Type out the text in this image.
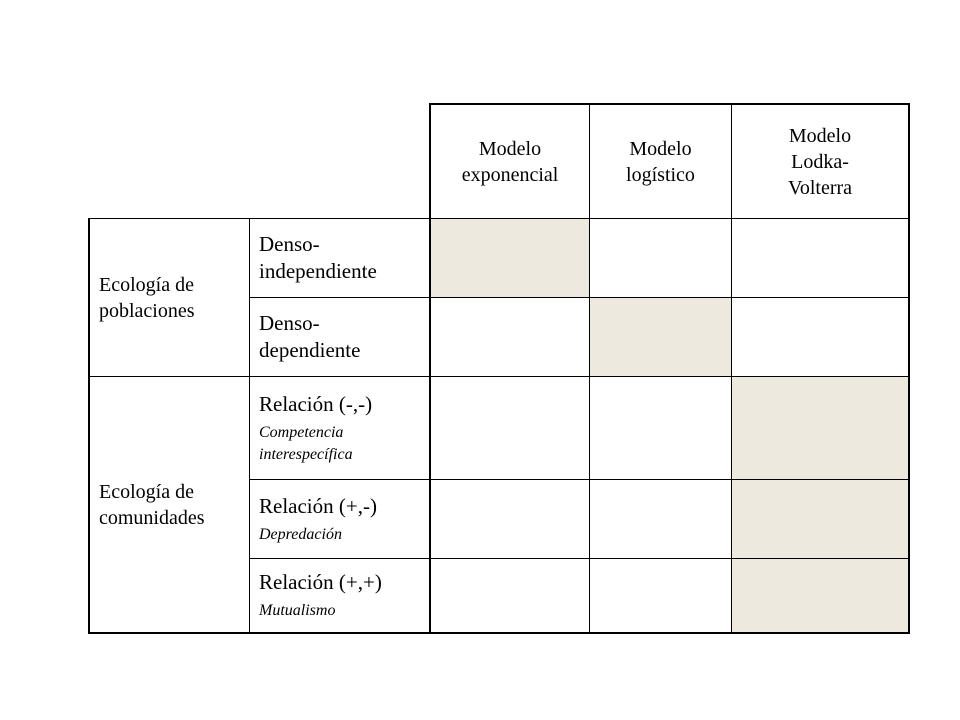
Modelo
exponencial
Modelo
logístico
Modelo
Lodka-
Volterra
Ecología de
poblaciones
Ecología de
comunidades
Denso-
independiente
Denso-
dependiente
Relación (-,-)
Competencia
interespecífica
Relación (+,-)
Depredación
Relación (+,+)
Mutualismo
